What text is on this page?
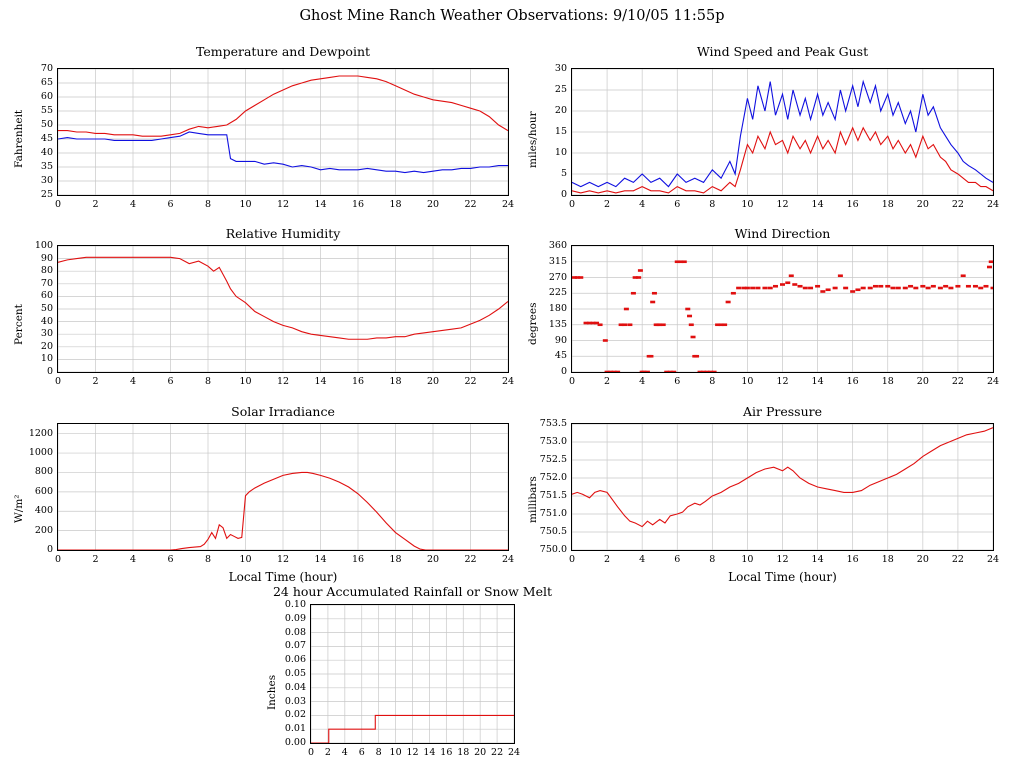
Ghost Mine Ranch Weather Observations: 9/10/05 11:55p
Temperature and Dewpoint
Fahrenheit
25
30
35
40
45
50
55
60
65
70
0	2	4	6	8	10	12	14	16	18	20	22	24
Wind Speed and Peak Gust
miles/hour
0
5
10
15
20
25
30
0	2	4	6	8	10	12	14	16	18	20	22	24
Relative Humidity
Percent
0
10
20
30
40
50
60
70
80
90
100
0	2	4	6	8	10	12	14	16	18	20	22	24
Wind Direction
degrees
0
45
90
135
180
225
270
315
360
0	2	4	6	8	10	12	14	16	18	20	22	24
Solar Irradiance
W/m²
0
200
400
600
800
1000
1200
0	2	4	6	8	10	12	14	16	18	20	22	24
Local Time (hour)
Air Pressure
millibars
750.0
750.5
751.0
751.5
752.0
752.5
753.0
753.5
0	2	4	6	8	10	12	14	16	18	20	22	24
Local Time (hour)
24 hour Accumulated Rainfall or Snow Melt
Inches
0.00
0.01
0.02
0.03
0.04
0.05
0.06
0.07
0.08
0.09
0.10
0	2	4	6	8 10 12 14 16 18 20 22 24
